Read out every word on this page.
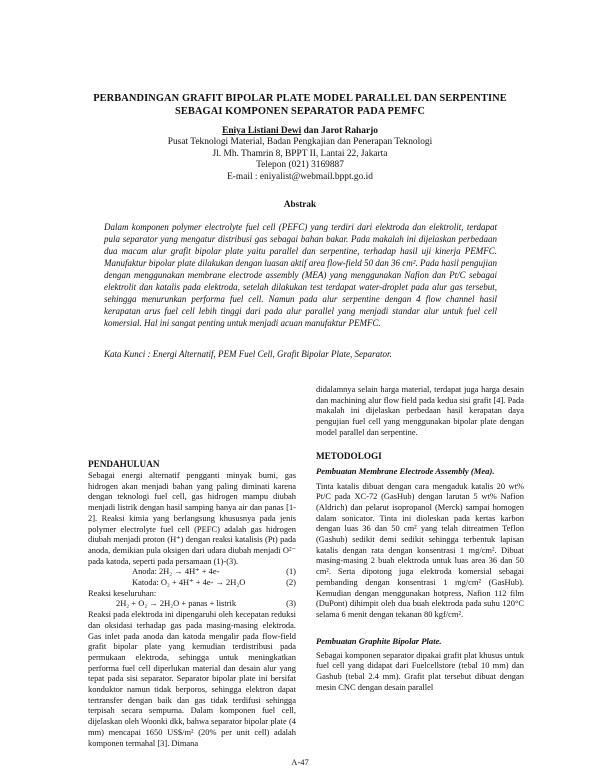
PERBANDINGAN GRAFIT BIPOLAR PLATE MODEL PARALLEL DAN SERPENTINE
SEBAGAI KOMPONEN SEPARATOR PADA PEMFC
Eniya Listiani Dewi dan Jarot Raharjo
Pusat Teknologi Material, Badan Pengkajian dan Penerapan Teknologi
Jl. Mh. Thamrin 8, BPPT II, Lantai 22, Jakarta
Telepon (021) 3169887
E-mail : eniyalist@webmail.bppt.go.id
Abstrak
Dalam komponen polymer electrolyte fuel cell (PEFC) yang terdiri dari elektroda dan elektrolit, terdapat pula separator yang mengatur distribusi gas sebagai bahan bakar. Pada makalah ini dijelaskan perbedaan dua macam alur grafit bipolar plate yaitu parallel dan serpentine, terhadap hasil uji kinerja PEMFC. Manufaktur bipolar plate dilakukan dengan luasan aktif area flow-field 50 dan 36 cm². Pada hasil pengujian dengan menggunakan membrane electrode assembly (MEA) yang menggunakan Nafion dan Pt/C sebagai elektrolit dan katalis pada elektroda, setelah dilakukan test terdapat water-droplet pada alur gas tersebut, sehingga menurunkan performa fuel cell. Namun pada alur serpentine dengan 4 flow channel hasil kerapatan arus fuel cell lebih tinggi dari pada alur parallel yang menjadi standar alur untuk fuel cell komersial. Hal ini sangat penting untuk menjadi acuan manufaktur PEMFC.
Kata Kunci : Energi Alternatif, PEM Fuel Cell, Grafit Bipolar Plate, Separator.

PENDAHULUAN

Sebagai energi alternatif pengganti minyak bumi, gas hidrogen akan menjadi bahan yang paling diminati karena dengan teknologi fuel cell, gas hidrogen mampu diubah menjadi listrik dengan hasil samping hanya air dan panas [1-2]. Reaksi kimia yang berlangsung khususnya pada jenis polymer electrolyte fuel cell (PEFC) adalah gas hidrogen diubah menjadi proton (H⁺) dengan reaksi katalisis (Pt) pada anoda, demikian pula oksigen dari udara diubah menjadi O²⁻ pada katoda, seperti pada persamaan (1)-(3).

Anoda: 2H₂ → 4H⁺ + 4e-	(1)
Katoda: O₂ + 4H⁺ + 4e- → 2H₂O	(2)

Reaksi keseluruhan:

2H₂ + O₂ → 2H₂O + panas + listrik	(3)

Reaksi pada elektroda ini dipengaruhi oleh kecepatan reduksi dan oksidasi terhadap gas pada masing-masing elektroda. Gas inlet pada anoda dan katoda mengalir pada flow-field grafit bipolar plate yang kemudian terdistribusi pada permukaan elektroda, sehingga untuk meningkatkan performa fuel cell diperlukan material dan desain alur yang tepat pada sisi separator. Separator bipolar plate ini bersifat konduktor namun tidak berporos, sehingga elektron dapat tertransfer dengan baik dan gas tidak terdifusi sehingga terpisah secara sempurna. Dalam komponen fuel cell, dijelaskan oleh Woonki dkk, bahwa separator bipolar plate (4 mm) mencapai 1650 US$/m² (20% per unit cell) adalah komponen termahal [3]. Dimana

didalamnya selain harga material, terdapat juga harga desain dan machining alur flow field pada kedua sisi grafit [4]. Pada makalah ini dijelaskan perbedaan hasil kerapatan daya pengujian fuel cell yang menggunakan bipolar plate dengan model parallel dan serpentine.

METODOLOGI

Pembuatan Membrane Electrode Assembly (Mea).

Tinta katalis dibuat dengan cara mengaduk katalis 20 wt% Pt/C pada XC-72 (GasHub) dengan larutan 5 wt% Nafion (Aldrich) dan pelarut isopropanol (Merck) sampai homogen dalam sonicator. Tinta ini dioleskan pada kertas karbon dengan luas 36 dan 50 cm² yang telah ditreatmen Teflon (Gashub) sedikit demi sedikit sehingga terbentuk lapisan katalis dengan rata dengan konsentrasi 1 mg/cm². Dibuat masing-masing 2 buah elektroda untuk luas area 36 dan 50 cm². Serta dipotong juga elektroda komersial sebagai pembanding dengan konsentrasi 1 mg/cm² (GasHub). Kemudian dengan menggunakan hotpress, Nafion 112 film (DuPont) dihimpit oleh dua buah elektroda pada suhu 120°C selama 6 menit dengan tekanan 80 kgf/cm².

Pembuatan Graphite Bipolar Plate.

Sebagai komponen separator dipakai grafit plat khusus untuk fuel cell yang didapat dari Fuelcellstore (tebal 10 mm) dan Gashub (tebal 2.4 mm). Grafit plat tersebut dibuat dengan mesin CNC dengan desain parallel

A-47
